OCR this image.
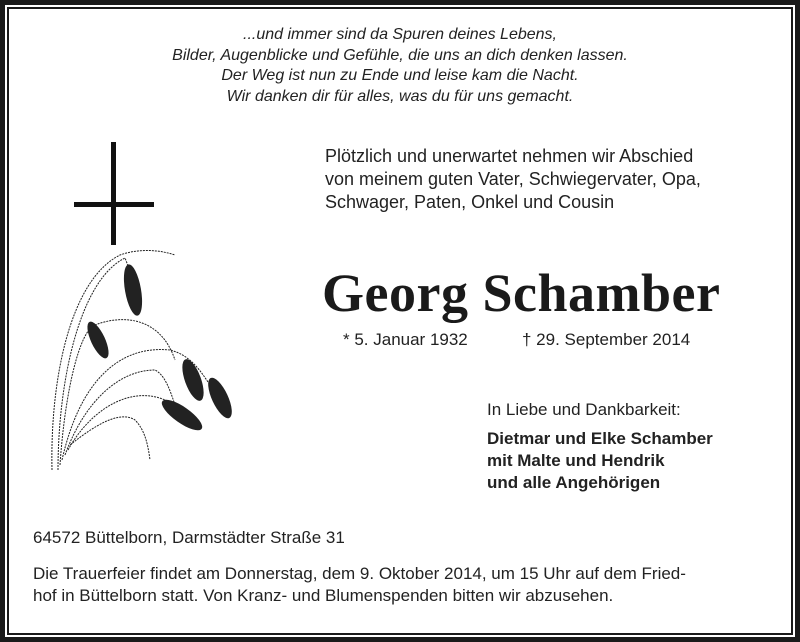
...und immer sind da Spuren deines Lebens,
Bilder, Augenblicke und Gefühle, die uns an dich denken lassen.
Der Weg ist nun zu Ende und leise kam die Nacht.
Wir danken dir für alles, was du für uns gemacht.
Plötzlich und unerwartet nehmen wir Abschied
von meinem guten Vater, Schwiegervater, Opa,
Schwager, Paten, Onkel und Cousin
Georg Schamber
* 5. Januar 1932	† 29. September 2014
In Liebe und Dankbarkeit:
Dietmar und Elke Schamber
mit Malte und Hendrik
und alle Angehörigen
64572 Büttelborn, Darmstädter Straße 31
Die Trauerfeier findet am Donnerstag, dem 9. Oktober 2014, um 15 Uhr auf dem Fried-
hof in Büttelborn statt. Von Kranz- und Blumenspenden bitten wir abzusehen.
